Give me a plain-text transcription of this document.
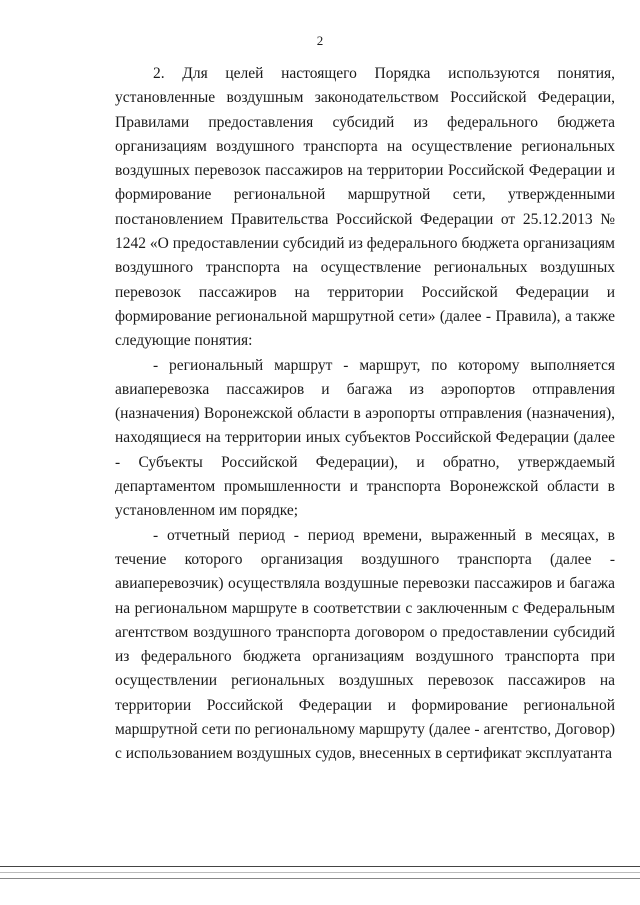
2

2. Для целей настоящего Порядка используются понятия, установленные воздушным законодательством Российской Федерации, Правилами предоставления субсидий из федерального бюджета организациям воздушного транспорта на осуществление региональных воздушных перевозок пассажиров на территории Российской Федерации и формирование региональной маршрутной сети, утвержденными постановлением Правительства Российской Федерации от 25.12.2013 № 1242 «О предоставлении субсидий из федерального бюджета организациям воздушного транспорта на осуществление региональных воздушных перевозок пассажиров на территории Российской Федерации и формирование региональной маршрутной сети» (далее - Правила), а также следующие понятия:

- региональный маршрут - маршрут, по которому выполняется авиаперевозка пассажиров и багажа из аэропортов отправления (назначения) Воронежской области в аэропорты отправления (назначения), находящиеся на территории иных субъектов Российской Федерации (далее - Субъекты Российской Федерации), и обратно, утверждаемый департаментом промышленности и транспорта Воронежской области в установленном им порядке;

- отчетный период - период времени, выраженный в месяцах, в течение которого организация воздушного транспорта (далее - авиаперевозчик) осуществляла воздушные перевозки пассажиров и багажа на региональном маршруте в соответствии с заключенным с Федеральным агентством воздушного транспорта договором о предоставлении субсидий из федерального бюджета организациям воздушного транспорта при осуществлении региональных воздушных перевозок пассажиров на территории Российской Федерации и формирование региональной маршрутной сети по региональному маршруту (далее - агентство, Договор) с использованием воздушных судов, внесенных в сертификат эксплуатанта
